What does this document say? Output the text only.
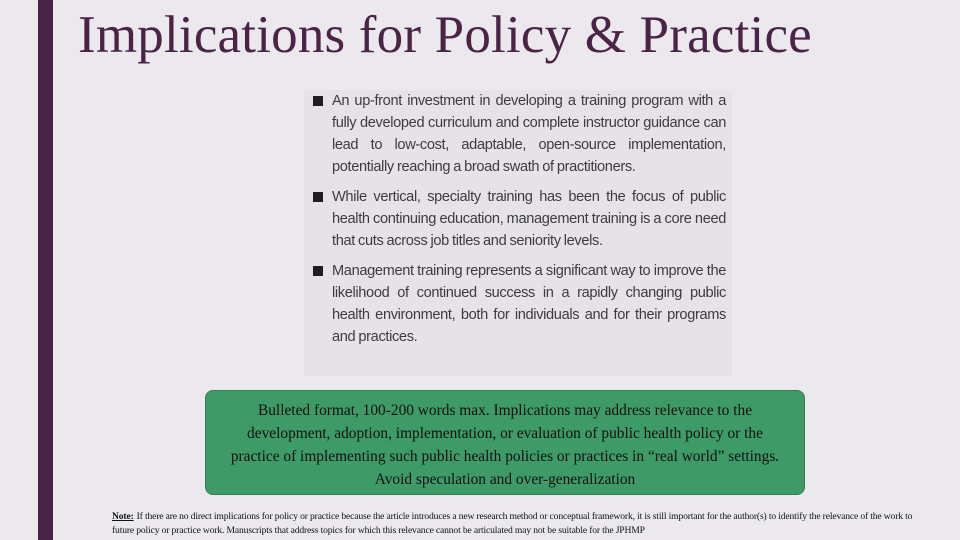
Implications for Policy & Practice
An up-front investment in developing a training program with a fully developed curriculum and complete instructor guidance can lead to low-cost, adaptable, open-source implementation, potentially reaching a broad swath of practitioners.
While vertical, specialty training has been the focus of public health continuing education, management training is a core need that cuts across job titles and seniority levels.
Management training represents a significant way to improve the likelihood of continued success in a rapidly changing public health environment, both for individuals and for their programs and practices.
Bulleted format, 100-200 words max. Implications may address relevance to the development, adoption, implementation, or evaluation of public health policy or the practice of implementing such public health policies or practices in “real world” settings. Avoid speculation and over-generalization
Note: If there are no direct implications for policy or practice because the article introduces a new research method or conceptual framework, it is still important for the author(s) to identify the relevance of the work to future policy or practice work. Manuscripts that address topics for which this relevance cannot be articulated may not be suitable for the JPHMP
